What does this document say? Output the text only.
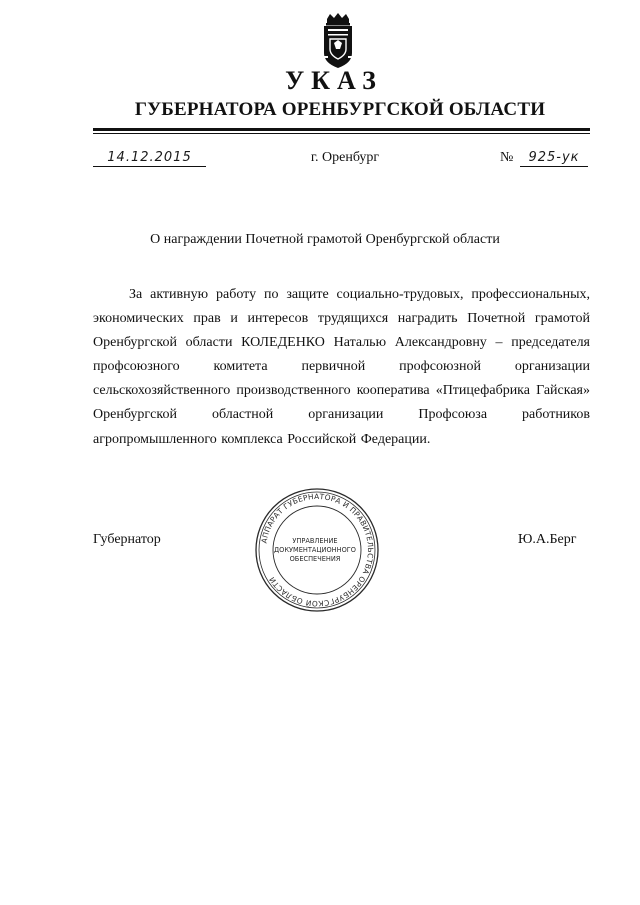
УКАЗ
ГУБЕРНАТОРА ОРЕНБУРГСКОЙ ОБЛАСТИ
14.12.2015	г. Оренбург	№	925-ук

О награждении Почетной грамотой Оренбургской области

За активную работу по защите социально-трудовых, профессиональных, экономических прав и интересов трудящихся наградить Почетной грамотой Оренбургской области КОЛЕДЕНКО Наталью Александровну – председателя профсоюзного комитета первичной профсоюзной организации сельскохозяйственного производственного кооператива «Птицефабрика Гайская» Оренбургской областной организации Профсоюза работников агропромышленного комплекса Российской Федерации.

Губернатор	Ю.А.Берг
АППАРАТ ГУБЕРНАТОРА И ПРАВИТЕЛЬСТВА ОРЕНБУРГСКОЙ ОБЛАСТИ
УПРАВЛЕНИЕ
ДОКУМЕНТАЦИОННОГО
ОБЕСПЕЧЕНИЯ
